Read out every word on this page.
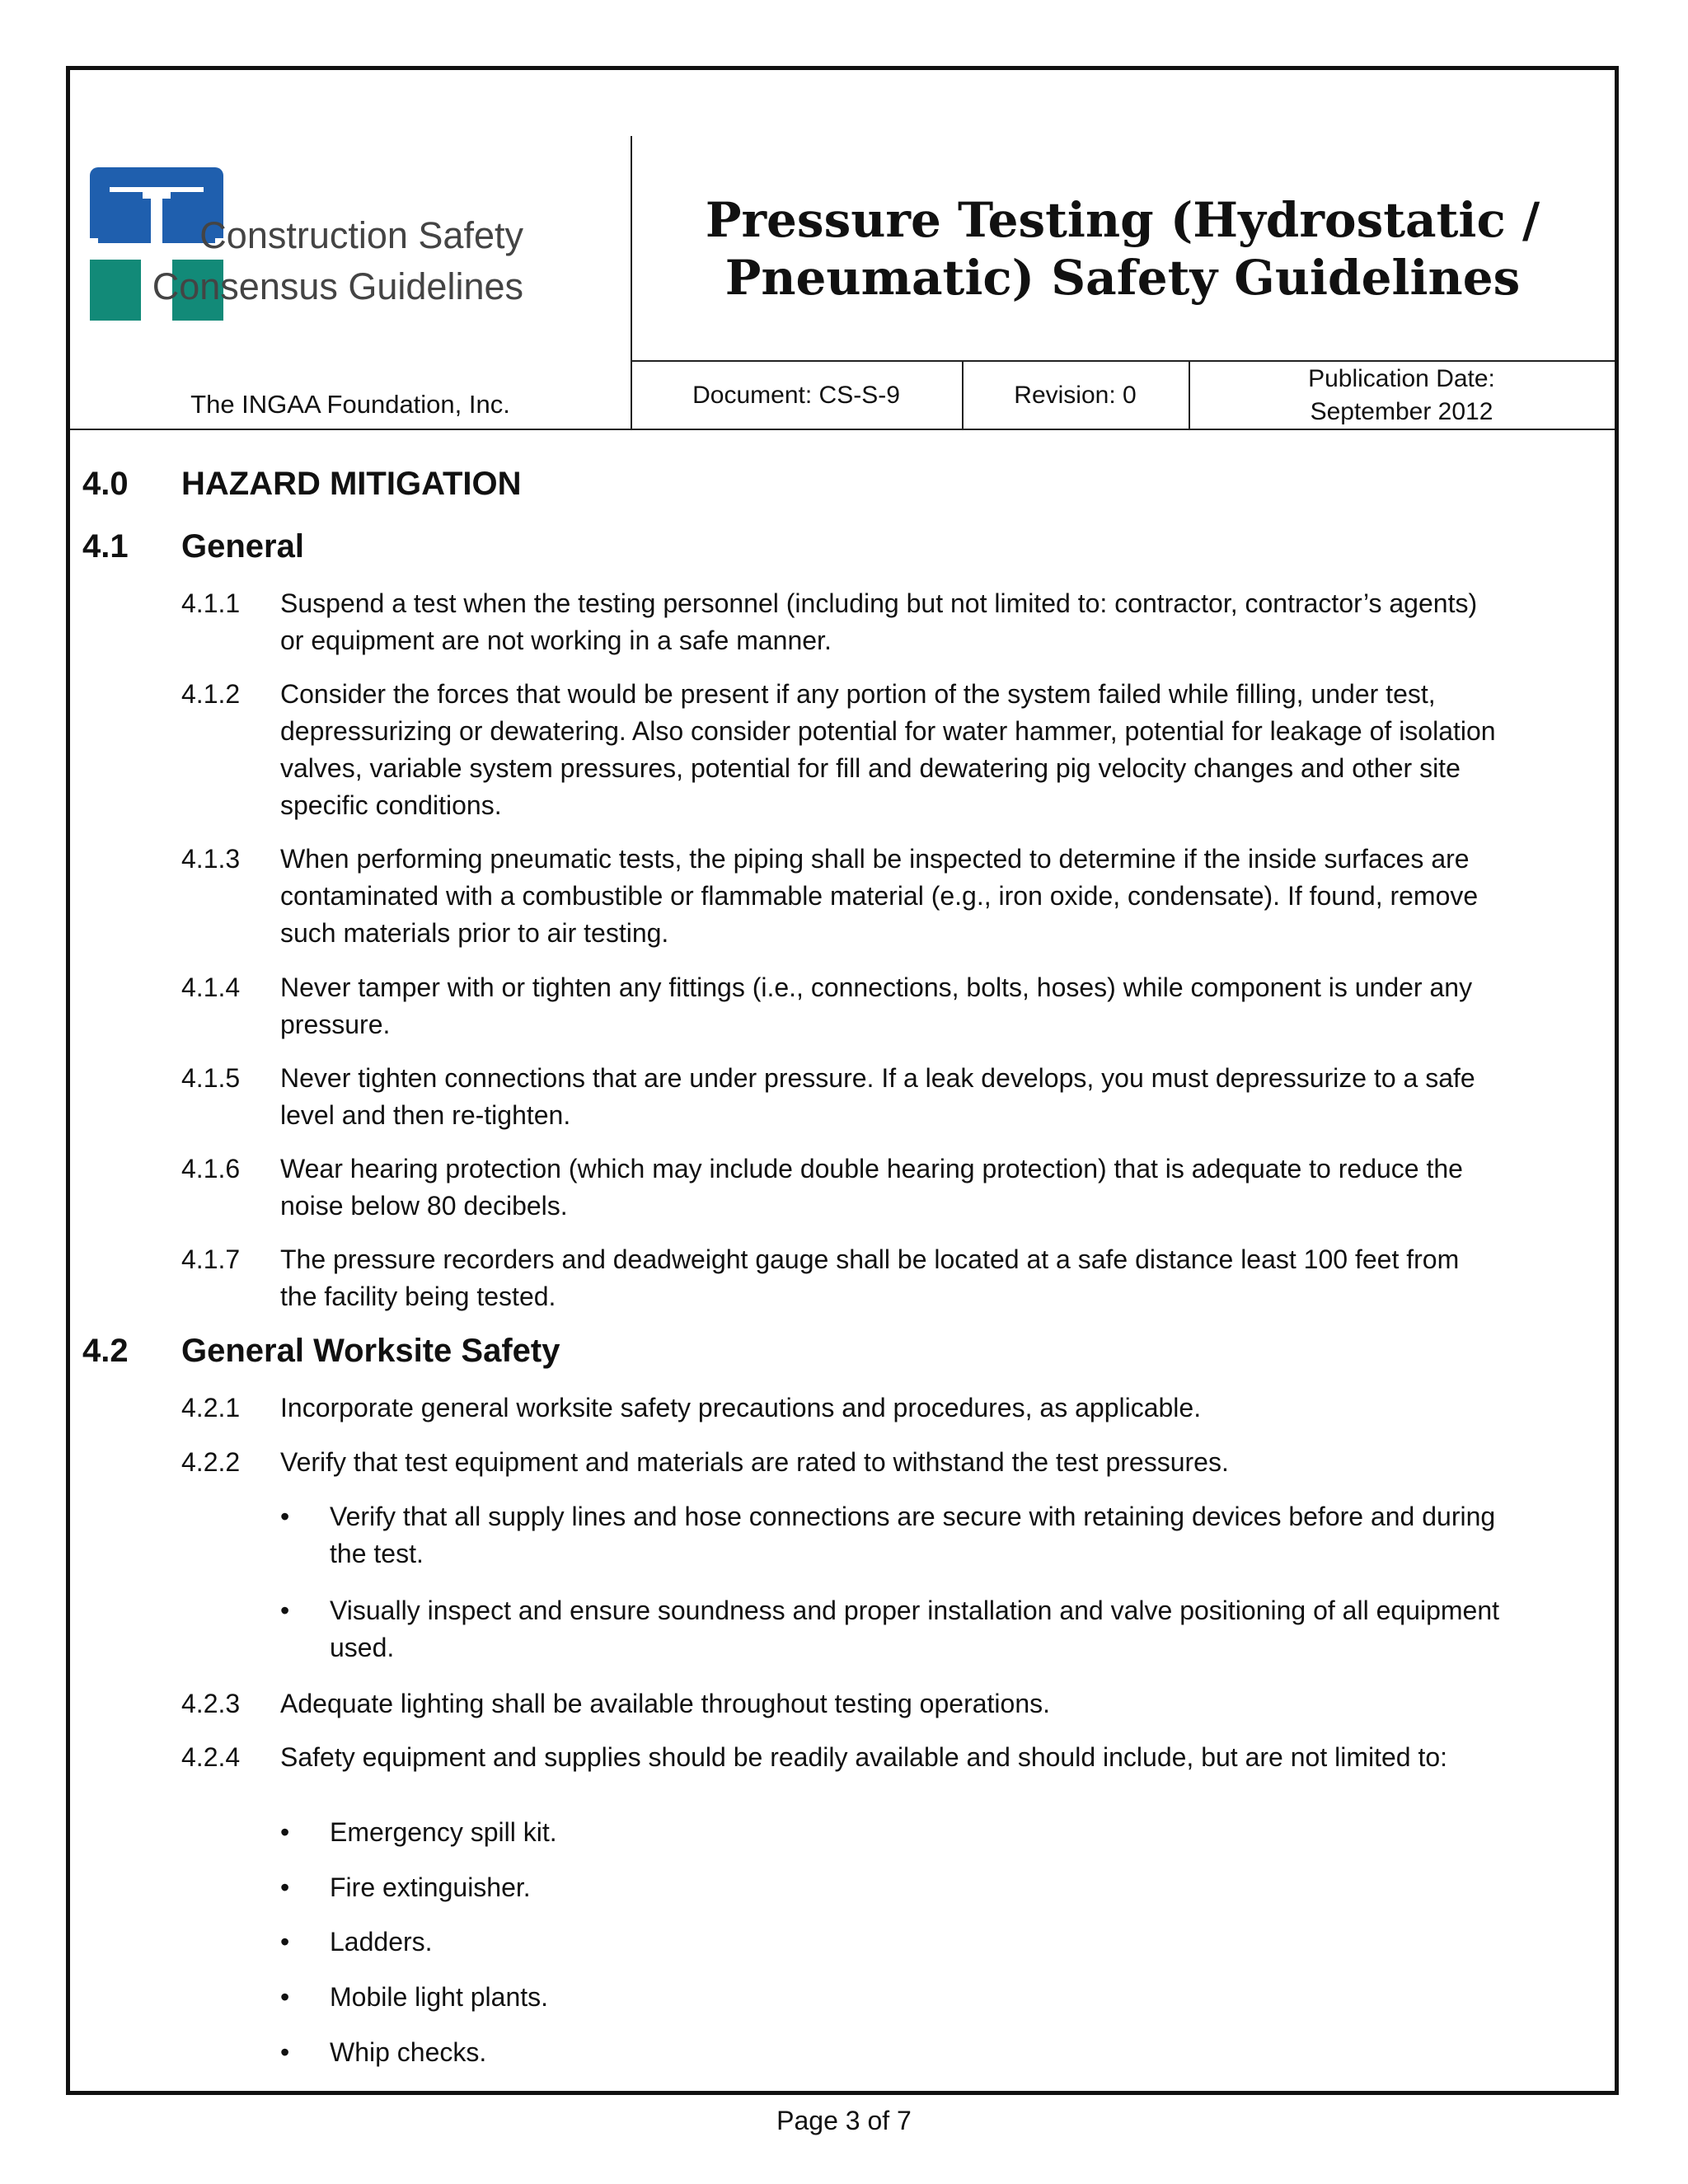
Construction Safety
Consensus Guidelines
The INGAA Foundation, Inc.
Pressure Testing (Hydrostatic /
Pneumatic) Safety Guidelines
Document: CS-S-9	Revision: 0
Publication Date:
September 2012
4.0 HAZARD MITIGATION
4.1 General
4.1.1 Suspend a test when the testing personnel (including but not limited to: contractor, contractor’s agents) or equipment are not working in a safe manner.
4.1.2 Consider the forces that would be present if any portion of the system failed while filling, under test, depressurizing or dewatering. Also consider potential for water hammer, potential for leakage of isolation valves, variable system pressures, potential for fill and dewatering pig velocity changes and other site specific conditions.
4.1.3 When performing pneumatic tests, the piping shall be inspected to determine if the inside surfaces are contaminated with a combustible or flammable material (e.g., iron oxide, condensate). If found, remove such materials prior to air testing.
4.1.4 Never tamper with or tighten any fittings (i.e., connections, bolts, hoses) while component is under any pressure.
4.1.5 Never tighten connections that are under pressure. If a leak develops, you must depressurize to a safe level and then re-tighten.
4.1.6 Wear hearing protection (which may include double hearing protection) that is adequate to reduce the noise below 80 decibels.
4.1.7 The pressure recorders and deadweight gauge shall be located at a safe distance least 100 feet from the facility being tested.
4.2 General Worksite Safety
4.2.1 Incorporate general worksite safety precautions and procedures, as applicable.
4.2.2 Verify that test equipment and materials are rated to withstand the test pressures.
• Verify that all supply lines and hose connections are secure with retaining devices before and during the test.
• Visually inspect and ensure soundness and proper installation and valve positioning of all equipment used.
4.2.3 Adequate lighting shall be available throughout testing operations.
4.2.4 Safety equipment and supplies should be readily available and should include, but are not limited to:
• Emergency spill kit.
• Fire extinguisher.
• Ladders.
• Mobile light plants.
• Whip checks.
Page 3 of 7
